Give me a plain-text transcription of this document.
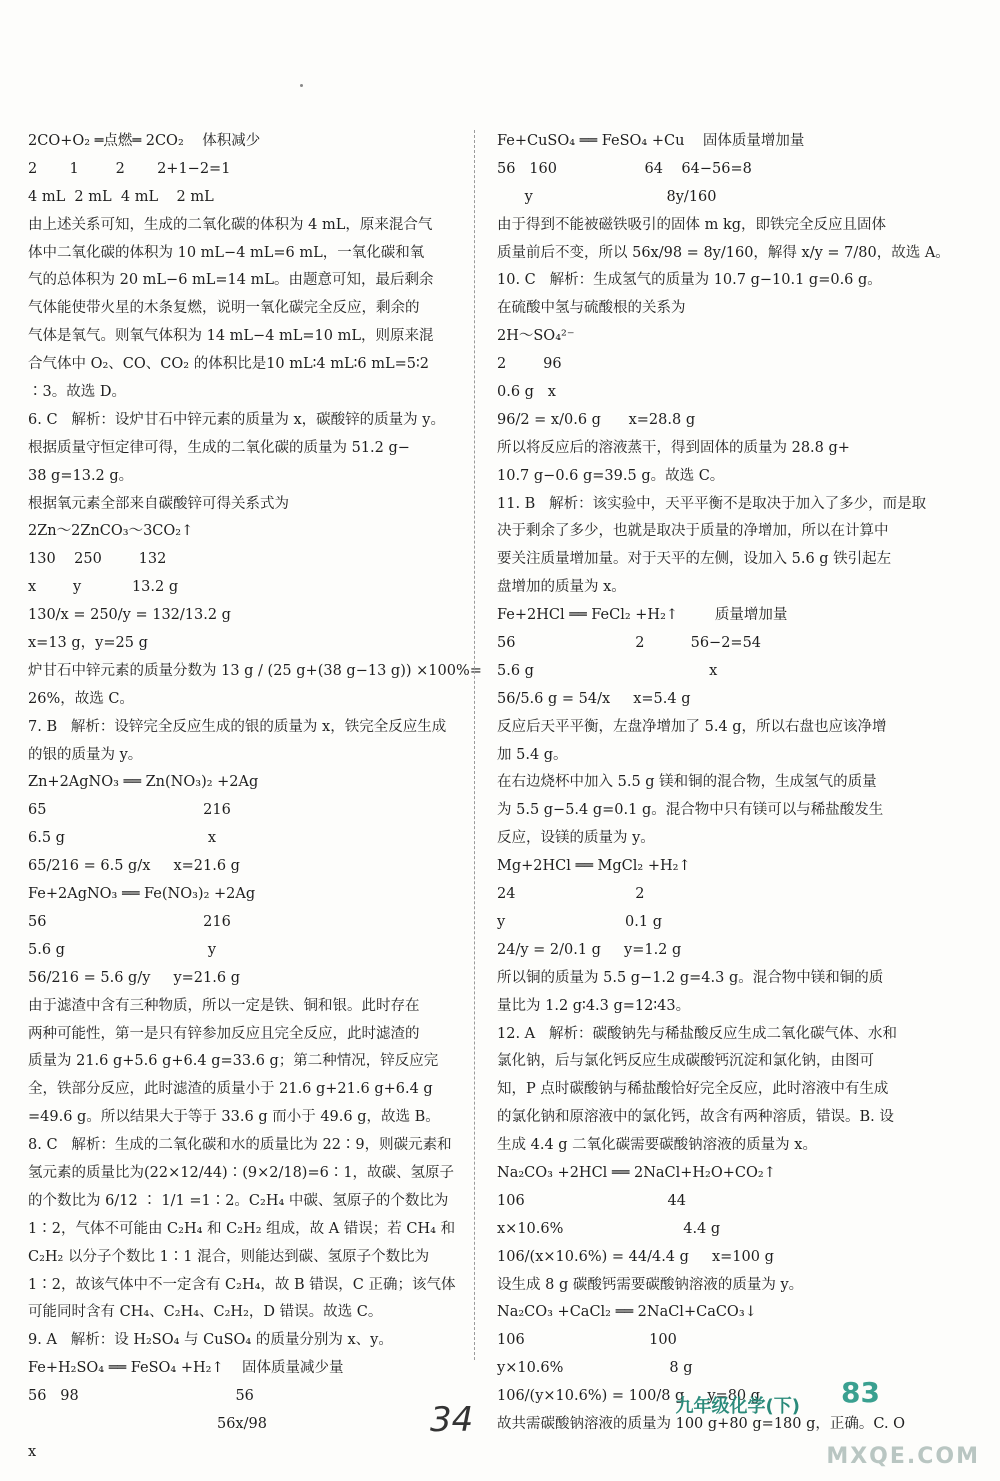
2CO+O₂ ═点燃═ 2CO₂    体积减少
2       1        2       2+1−2=1
4 mL  2 mL  4 mL    2 mL
由上述关系可知，生成的二氧化碳的体积为 4 mL，原来混合气
体中二氧化碳的体积为 10 mL−4 mL=6 mL，一氧化碳和氧
气的总体积为 20 mL−6 mL=14 mL。由题意可知，最后剩余
气体能使带火星的木条复燃，说明一氧化碳完全反应，剩余的
气体是氧气。则氧气体积为 14 mL−4 mL=10 mL，则原来混
合气体中 O₂、CO、CO₂ 的体积比是10 mL∶4 mL∶6 mL=5∶2
∶3。故选 D。
6. C   解析：设炉甘石中锌元素的质量为 x，碳酸锌的质量为 y。
根据质量守恒定律可得，生成的二氧化碳的质量为 51.2 g−
38 g=13.2 g。
根据氧元素全部来自碳酸锌可得关系式为
2Zn～2ZnCO₃～3CO₂↑
130    250        132
x        y           13.2 g
130/x = 250/y = 132/13.2 g
x=13 g，y=25 g
炉甘石中锌元素的质量分数为 13 g / (25 g+(38 g−13 g)) ×100%=
26%，故选 C。
7. B   解析：设锌完全反应生成的银的质量为 x，铁完全反应生成
的银的质量为 y。
Zn+2AgNO₃ ══ Zn(NO₃)₂ +2Ag
65                                  216
6.5 g                               x
65/216 = 6.5 g/x     x=21.6 g
Fe+2AgNO₃ ══ Fe(NO₃)₂ +2Ag
56                                  216
5.6 g                               y
56/216 = 5.6 g/y     y=21.6 g
由于滤渣中含有三种物质，所以一定是铁、铜和银。此时存在
两种可能性，第一是只有锌参加反应且完全反应，此时滤渣的
质量为 21.6 g+5.6 g+6.4 g=33.6 g；第二种情况，锌反应完
全，铁部分反应，此时滤渣的质量小于 21.6 g+21.6 g+6.4 g
=49.6 g。所以结果大于等于 33.6 g 而小于 49.6 g，故选 B。
8. C   解析：生成的二氧化碳和水的质量比为 22∶9，则碳元素和
氢元素的质量比为(22×12/44)∶(9×2/18)=6∶1，故碳、氢原子
的个数比为 6/12 ∶ 1/1 =1∶2。C₂H₄ 中碳、氢原子的个数比为
1∶2，气体不可能由 C₂H₄ 和 C₂H₂ 组成，故 A 错误；若 CH₄ 和
C₂H₂ 以分子个数比 1∶1 混合，则能达到碳、氢原子个数比为
1∶2，故该气体中不一定含有 C₂H₄，故 B 错误，C 正确；该气体
可能同时含有 CH₄、C₂H₄、C₂H₂，D 错误。故选 C。
9. A   解析：设 H₂SO₄ 与 CuSO₄ 的质量分别为 x、y。
Fe+H₂SO₄ ══ FeSO₄ +H₂↑    固体质量减少量
56   98                                  56
56x/98
x
Fe+CuSO₄ ══ FeSO₄ +Cu    固体质量增加量
56   160                   64    64−56=8
y                             8y/160
由于得到不能被磁铁吸引的固体 m kg，即铁完全反应且固体
质量前后不变，所以 56x/98 = 8y/160，解得 x/y = 7/80，故选 A。
10. C   解析：生成氢气的质量为 10.7 g−10.1 g=0.6 g。
在硫酸中氢与硫酸根的关系为
2H～SO₄²⁻
2        96
0.6 g   x
96/2 = x/0.6 g      x=28.8 g
所以将反应后的溶液蒸干，得到固体的质量为 28.8 g+
10.7 g−0.6 g=39.5 g。故选 C。
11. B   解析：该实验中，天平平衡不是取决于加入了多少，而是取
决于剩余了多少，也就是取决于质量的净增加，所以在计算中
要关注质量增加量。对于天平的左侧，设加入 5.6 g 铁引起左
盘增加的质量为 x。
Fe+2HCl ══ FeCl₂ +H₂↑        质量增加量
56                          2          56−2=54
5.6 g                                      x
56/5.6 g = 54/x     x=5.4 g
反应后天平平衡，左盘净增加了 5.4 g，所以右盘也应该净增
加 5.4 g。
在右边烧杯中加入 5.5 g 镁和铜的混合物，生成氢气的质量
为 5.5 g−5.4 g=0.1 g。混合物中只有镁可以与稀盐酸发生
反应，设镁的质量为 y。
Mg+2HCl ══ MgCl₂ +H₂↑
24                          2
y                          0.1 g
24/y = 2/0.1 g     y=1.2 g
所以铜的质量为 5.5 g−1.2 g=4.3 g。混合物中镁和铜的质
量比为 1.2 g∶4.3 g=12∶43。
12. A   解析：碳酸钠先与稀盐酸反应生成二氧化碳气体、水和
氯化钠，后与氯化钙反应生成碳酸钙沉淀和氯化钠，由图可
知，P 点时碳酸钠与稀盐酸恰好完全反应，此时溶液中有生成
的氯化钠和原溶液中的氯化钙，故含有两种溶质，错误。B. 设
生成 4.4 g 二氧化碳需要碳酸钠溶液的质量为 x。
Na₂CO₃ +2HCl ══ 2NaCl+H₂O+CO₂↑
106                               44
x×10.6%                          4.4 g
106/(x×10.6%) = 44/4.4 g     x=100 g
设生成 8 g 碳酸钙需要碳酸钠溶液的质量为 y。
Na₂CO₃ +CaCl₂ ══ 2NaCl+CaCO₃↓
106                           100
y×10.6%                       8 g
106/(y×10.6%) = 100/8 g     y=80 g
故共需碳酸钠溶液的质量为 100 g+80 g=180 g，正确。C. O
34	九年级化学(下) 83
MXQE.COM
